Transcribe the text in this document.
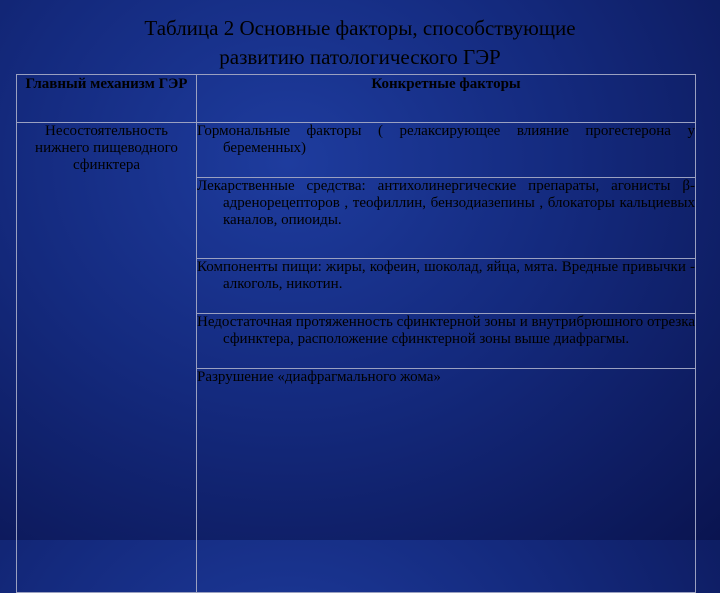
Таблица 2 Основные факторы, способствующие
развитию патологического ГЭР
Главный механизм ГЭР	Конкретные факторы
Несостоятельность нижнего пищеводного сфинктера	Гормональные факторы ( релаксирующее влияние прогестерона у беременных)

	Лекарственные средства: антихолинергические препараты, агонисты β- адренорецепторов , теофиллин, бензодиазепины , блокаторы кальциевых каналов, опиоиды.

	Компоненты пищи: жиры, кофеин, шоколад, яйца, мята. Вредные привычки - алкоголь, никотин.

	Недостаточная протяженность сфинктерной зоны и внутрибрюшного отрезка сфинктера, расположение сфинктерной зоны выше диафрагмы.

	Разрушение «диафрагмального жома»
